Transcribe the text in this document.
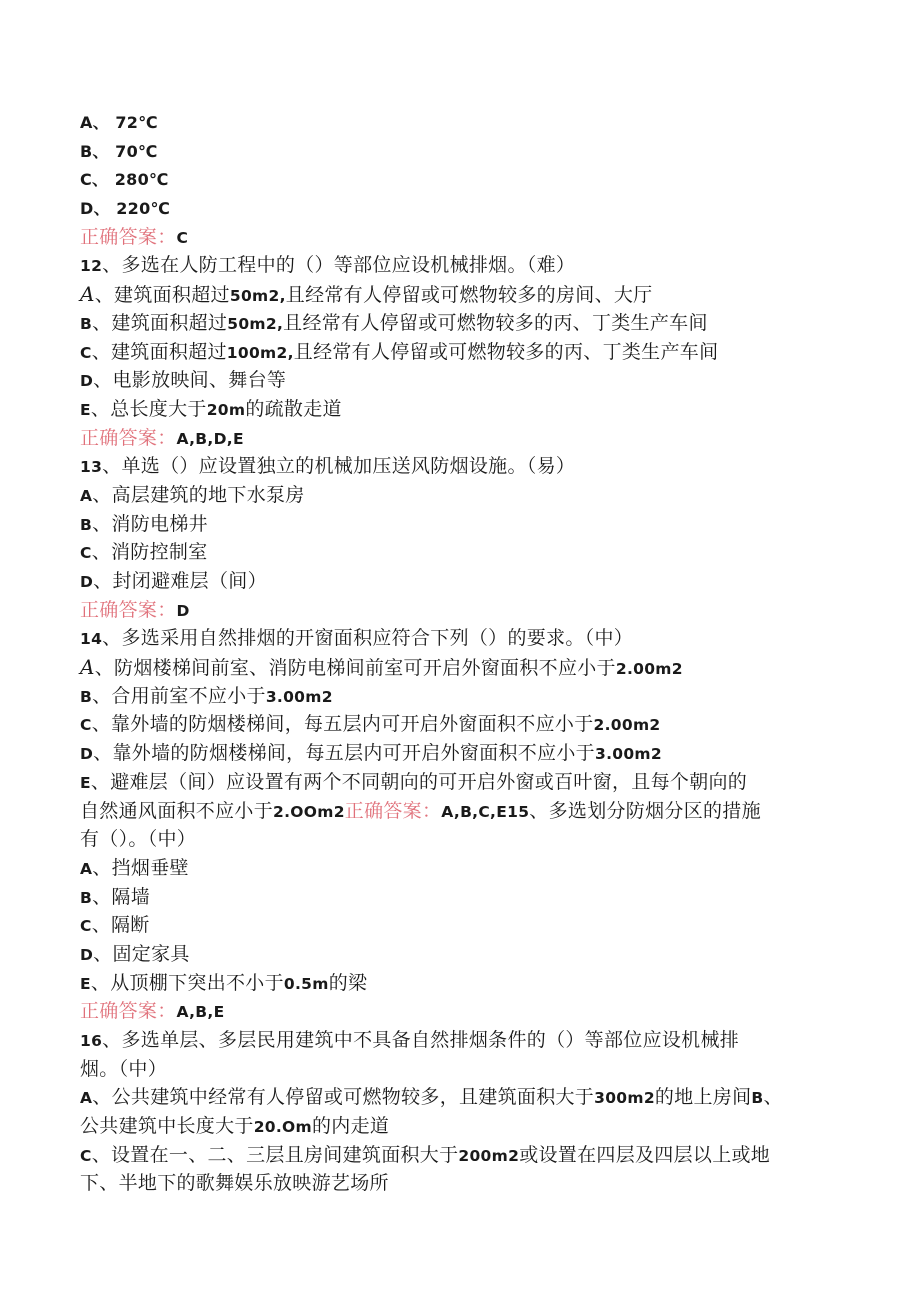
A、 72℃
B、 70℃
C、 280℃
D、 220℃
正确答案：C
12、多选在人防工程中的（）等部位应设机械排烟。（难）
A、建筑面积超过50m2,且经常有人停留或可燃物较多的房间、大厅
B、建筑面积超过50m2,且经常有人停留或可燃物较多的丙、丁类生产车间
C、建筑面积超过100m2,且经常有人停留或可燃物较多的丙、丁类生产车间
D、电影放映间、舞台等
E、总长度大于20m的疏散走道
正确答案：A,B,D,E
13、单选（）应设置独立的机械加压送风防烟设施。（易）
A、高层建筑的地下水泵房
B、消防电梯井
C、消防控制室
D、封闭避难层（间）
正确答案：D
14、多选采用自然排烟的开窗面积应符合下列（）的要求。（中）
A、防烟楼梯间前室、消防电梯间前室可开启外窗面积不应小于2.00m2
B、合用前室不应小于3.00m2
C、靠外墙的防烟楼梯间，每五层内可开启外窗面积不应小于2.00m2
D、靠外墙的防烟楼梯间，每五层内可开启外窗面积不应小于3.00m2
E、避难层（间）应设置有两个不同朝向的可开启外窗或百叶窗，且每个朝向的
自然通风面积不应小于2.OOm2正确答案：A,B,C,E15、多选划分防烟分区的措施
有（）。（中）
A、挡烟垂壁
B、隔墙
C、隔断
D、固定家具
E、从顶棚下突出不小于0.5m的梁
正确答案：A,B,E
16、多选单层、多层民用建筑中不具备自然排烟条件的（）等部位应设机械排
烟。（中）
A、公共建筑中经常有人停留或可燃物较多，且建筑面积大于300m2的地上房间B、
公共建筑中长度大于20.Om的内走道
C、设置在一、二、三层且房间建筑面积大于200m2或设置在四层及四层以上或地
下、半地下的歌舞娱乐放映游艺场所
